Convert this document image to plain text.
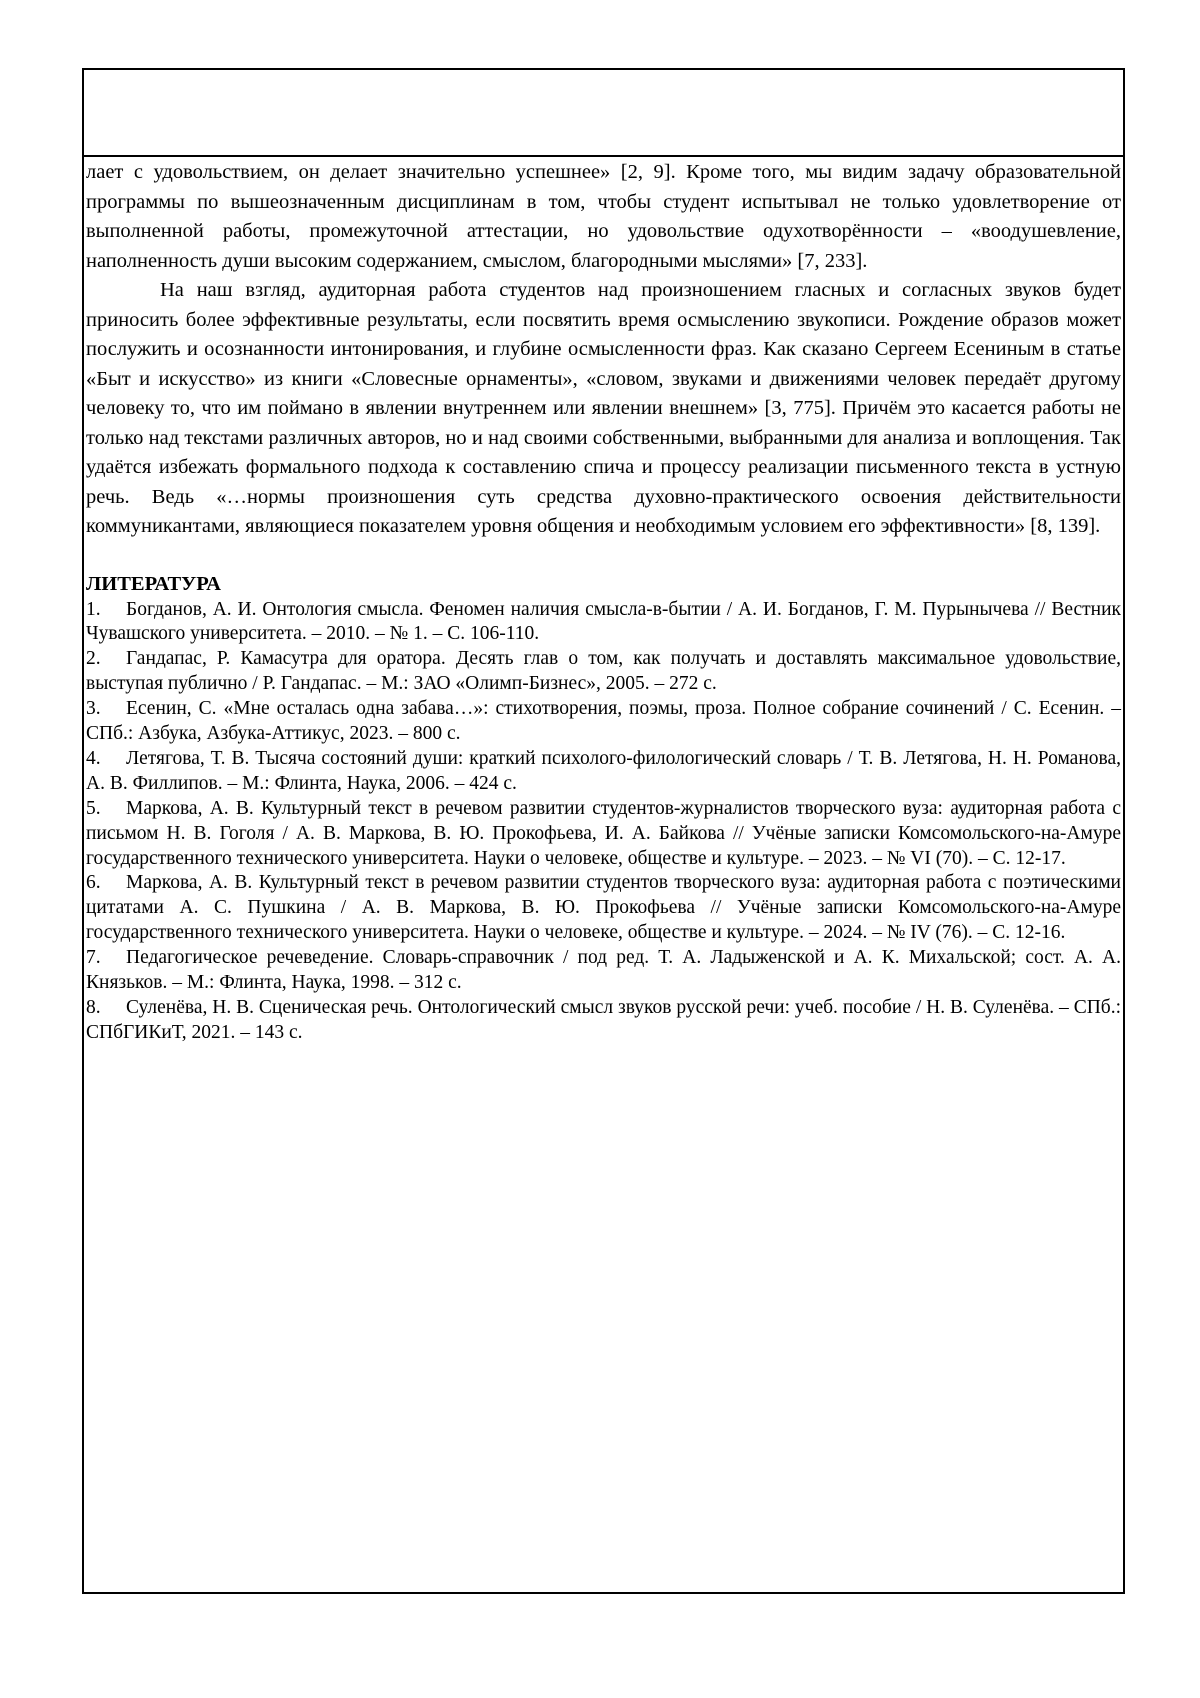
лает с удовольствием, он делает значительно успешнее» [2, 9]. Кроме того, мы видим задачу образовательной программы по вышеозначенным дисциплинам в том, чтобы студент испытывал не только удовлетворение от выполненной работы, промежуточной аттестации, но удовольствие одухотворённости – «воодушевление, наполненность души высоким содержанием, смыслом, благородными мыслями» [7, 233].

На наш взгляд, аудиторная работа студентов над произношением гласных и согласных звуков будет приносить более эффективные результаты, если посвятить время осмыслению звукописи. Рождение образов может послужить и осознанности интонирования, и глубине осмысленности фраз. Как сказано Сергеем Есениным в статье «Быт и искусство» из книги «Словесные орнаменты», «словом, звуками и движениями человек передаёт другому человеку то, что им поймано в явлении внутреннем или явлении внешнем» [3, 775]. Причём это касается работы не только над текстами различных авторов, но и над своими собственными, выбранными для анализа и воплощения. Так удаётся избежать формального подхода к составлению спича и процессу реализации письменного текста в устную речь. Ведь «…нормы произношения суть средства духовно-практического освоения действительности коммуникантами, являющиеся показателем уровня общения и необходимым условием его эффективности» [8, 139].

ЛИТЕРАТУРА

1. Богданов, А. И. Онтология смысла. Феномен наличия смысла-в-бытии / А. И. Богданов, Г. М. Пурынычева // Вестник Чувашского университета. – 2010. – № 1. – С. 106-110.
2. Гандапас, Р. Камасутра для оратора. Десять глав о том, как получать и доставлять максимальное удовольствие, выступая публично / Р. Гандапас. – М.: ЗАО «Олимп-Бизнес», 2005. – 272 с.
3. Есенин, С. «Мне осталась одна забава…»: стихотворения, поэмы, проза. Полное собрание сочинений / С. Есенин. – СПб.: Азбука, Азбука-Аттикус, 2023. – 800 с.
4. Летягова, Т. В. Тысяча состояний души: краткий психолого-филологический словарь / Т. В. Летягова, Н. Н. Романова, А. В. Филлипов. – М.: Флинта, Наука, 2006. – 424 с.
5. Маркова, А. В. Культурный текст в речевом развитии студентов-журналистов творческого вуза: аудиторная работа с письмом Н. В. Гоголя / А. В. Маркова, В. Ю. Прокофьева, И. А. Байкова // Учёные записки Комсомольского-на-Амуре государственного технического университета. Науки о человеке, обществе и культуре. – 2023. – № VI (70). – С. 12-17.
6. Маркова, А. В. Культурный текст в речевом развитии студентов творческого вуза: аудиторная работа с поэтическими цитатами А. С. Пушкина / А. В. Маркова, В. Ю. Прокофьева // Учёные записки Комсомольского-на-Амуре государственного технического университета. Науки о человеке, обществе и культуре. – 2024. – № IV (76). – С. 12-16.
7. Педагогическое речеведение. Словарь-справочник / под ред. Т. А. Ладыженской и А. К. Михальской; сост. А. А. Князьков. – М.: Флинта, Наука, 1998. – 312 с.
8. Суленёва, Н. В. Сценическая речь. Онтологический смысл звуков русской речи: учеб. пособие / Н. В. Суленёва. – СПб.: СПбГИКиТ, 2021. – 143 с.
